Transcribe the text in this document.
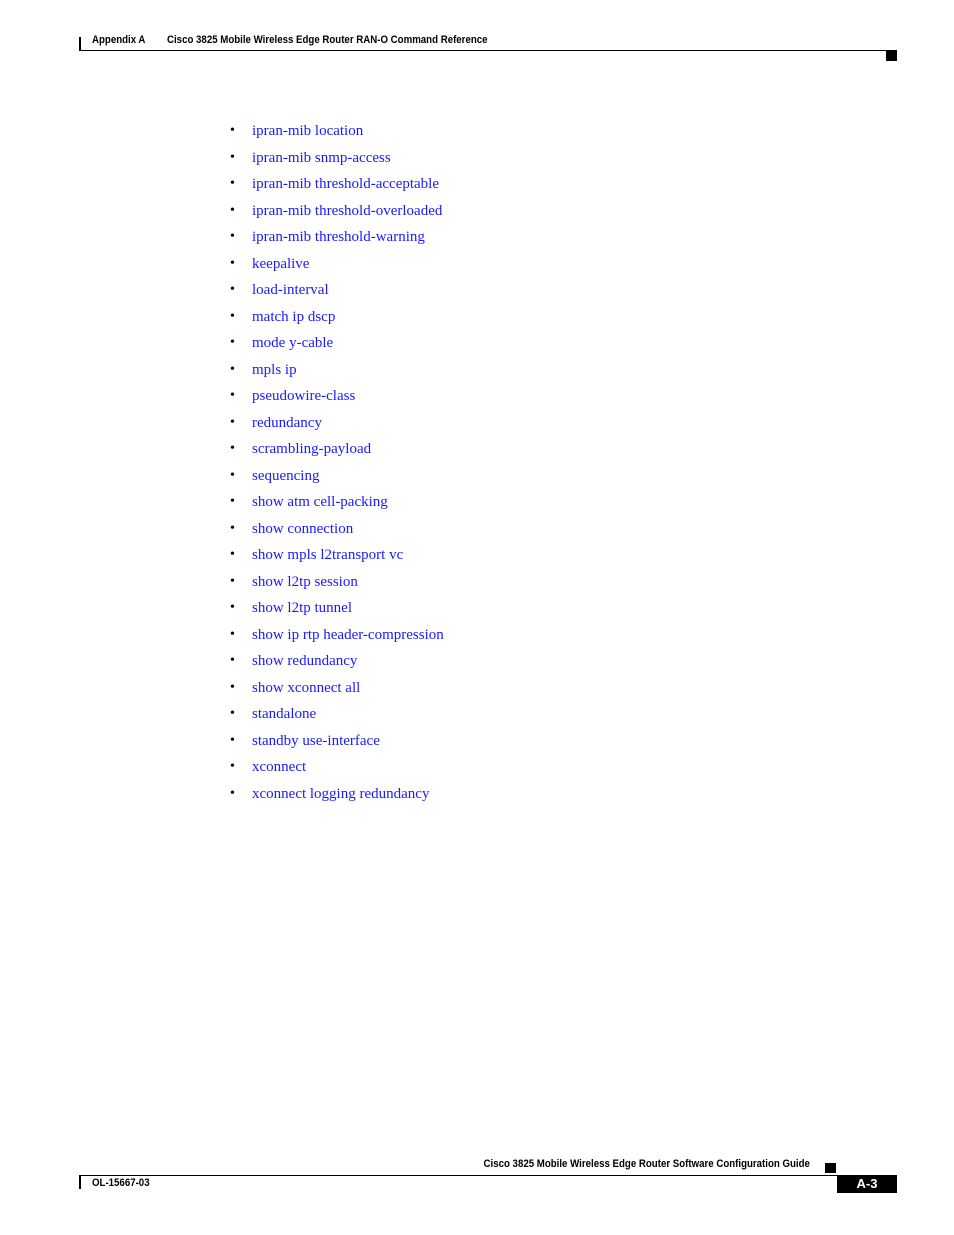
Appendix A Cisco 3825 Mobile Wireless Edge Router RAN-O Command Reference
• ipran-mib location
• ipran-mib snmp-access
• ipran-mib threshold-acceptable
• ipran-mib threshold-overloaded
• ipran-mib threshold-warning
• keepalive
• load-interval
• match ip dscp
• mode y-cable
• mpls ip
• pseudowire-class
• redundancy
• scrambling-payload
• sequencing
• show atm cell-packing
• show connection
• show mpls l2transport vc
• show l2tp session
• show l2tp tunnel
• show ip rtp header-compression
• show redundancy
• show xconnect all
• standalone
• standby use-interface
• xconnect
• xconnect logging redundancy
Cisco 3825 Mobile Wireless Edge Router Software Configuration Guide
OL-15667-03	A-3
